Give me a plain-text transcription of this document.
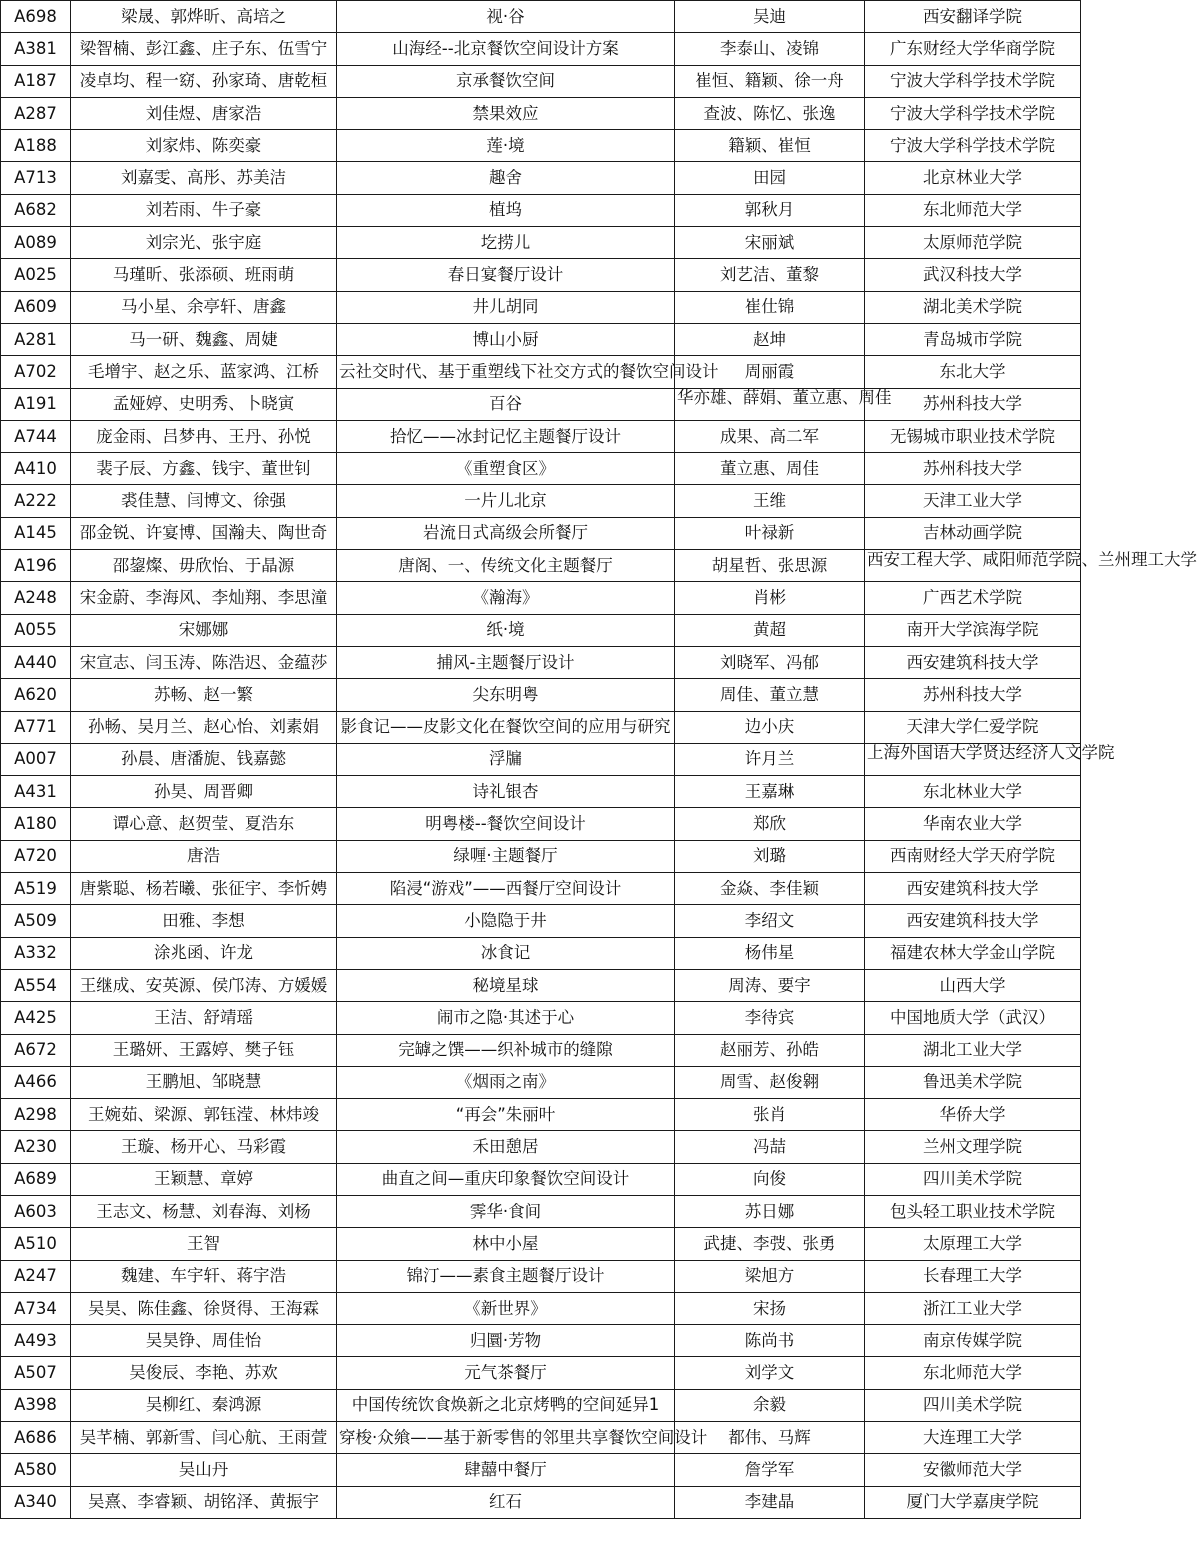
A698	梁晟、郭烨昕、高培之	视·谷	吴迪	西安翻译学院
A381	梁智楠、彭江鑫、庄子东、伍雪宁	山海经--北京餐饮空间设计方案	李泰山、凌锦	广东财经大学华商学院
A187	凌卓均、程一窈、孙家琦、唐乾桓	京承餐饮空间	崔恒、籍颖、徐一舟	宁波大学科学技术学院
A287	刘佳煜、唐家浩	禁果效应	查波、陈忆、张逸	宁波大学科学技术学院
A188	刘家炜、陈奕豪	莲·境	籍颖、崔恒	宁波大学科学技术学院
A713	刘嘉雯、高彤、苏美洁	趣舍	田园	北京林业大学
A682	刘若雨、牛子豪	植坞	郭秋月	东北师范大学
A089	刘宗光、张宇庭	圪捞儿	宋丽斌	太原师范学院
A025	马瑾昕、张添硕、班雨萌	春日宴餐厅设计	刘艺洁、董黎	武汉科技大学
A609	马小星、余亭轩、唐鑫	井儿胡同	崔仕锦	湖北美术学院
A281	马一研、魏鑫、周婕	博山小厨	赵坤	青岛城市学院
A702	毛增宇、赵之乐、蓝家鸿、江桥	云社交时代、基于重塑线下社交方式的餐饮空间设计	周丽霞	东北大学
A191	孟娅婷、史明秀、卜晓寅	百谷	华亦雄、薛娟、董立惠、周佳	苏州科技大学
A744	庞金雨、吕梦冉、王丹、孙悦	拾忆——冰封记忆主题餐厅设计	成果、高二军	无锡城市职业技术学院
A410	裴子辰、方鑫、钱宇、董世钊	《重塑食区》	董立惠、周佳	苏州科技大学
A222	裘佳慧、闫博文、徐强	一片儿北京	王维	天津工业大学
A145	邵金锐、许宴博、国瀚夫、陶世奇	岩流日式高级会所餐厅	叶禄新	吉林动画学院
A196	邵鋆燦、毋欣怡、于晶源	唐阁、一、传统文化主题餐厅	胡星哲、张思源	西安工程大学、咸阳师范学院、兰州理工大学

A248	宋金蔚、李海风、李灿翔、李思潼	《瀚海》	肖彬	广西艺术学院
A055	宋娜娜	纸·境	黄超	南开大学滨海学院
A440	宋宣志、闫玉涛、陈浩迟、金蕴莎	捕风-主题餐厅设计	刘晓军、冯郁	西安建筑科技大学
A620	苏畅、赵一繁	尖东明粤	周佳、董立慧	苏州科技大学
A771	孙畅、吴月兰、赵心怡、刘素娟	影食记——皮影文化在餐饮空间的应用与研究	边小庆	天津大学仁爱学院
A007	孙晨、唐潘旎、钱嘉懿	浮牖	许月兰	上海外国语大学贤达经济人文学院

A431	孙昊、周晋卿	诗礼银杏	王嘉琳	东北林业大学
A180	谭心意、赵贺莹、夏浩东	明粤楼--餐饮空间设计	郑欣	华南农业大学
A720	唐浩	绿喱·主题餐厅	刘璐	西南财经大学天府学院
A519	唐紫聪、杨若曦、张征宇、李忻娉	陷浸“游戏”——西餐厅空间设计	金焱、李佳颖	西安建筑科技大学
A509	田雅、李想	小隐隐于井	李绍文	西安建筑科技大学
A332	涂兆函、许龙	冰食记	杨伟星	福建农林大学金山学院
A554	王继成、安英源、侯邝涛、方媛媛	秘境星球	周涛、要宇	山西大学
A425	王洁、舒靖瑶	闹市之隐·其述于心	李待宾	中国地质大学（武汉）
A672	王璐妍、王露婷、樊子钰	完罅之馔——织补城市的缝隙	赵丽芳、孙皓	湖北工业大学
A466	王鹏旭、邹晓慧	《烟雨之南》	周雪、赵俊翱	鲁迅美术学院
A298	王婉茹、梁源、郭钰滢、林炜竣	“再会”朱丽叶	张肖	华侨大学
A230	王璇、杨开心、马彩霞	禾田憩居	冯喆	兰州文理学院
A689	王颖慧、章婷	曲直之间—重庆印象餐饮空间设计	向俊	四川美术学院
A603	王志文、杨慧、刘春海、刘杨	霁华·食间	苏日娜	包头轻工职业技术学院
A510	王智	林中小屋	武捷、李弢、张勇	太原理工大学
A247	魏建、车宇轩、蒋宇浩	锦汀——素食主题餐厅设计	梁旭方	长春理工大学
A734	吴昊、陈佳鑫、徐贤得、王海霖	《新世界》	宋扬	浙江工业大学
A493	吴昊铮、周佳怡	归圜·芳物	陈尚书	南京传媒学院
A507	吴俊辰、李艳、苏欢	元气茶餐厅	刘学文	东北师范大学
A398	吴柳红、秦鸿源	中国传统饮食焕新之北京烤鸭的空间延异1	余毅	四川美术学院
A686	吴芊楠、郭新雪、闫心航、王雨萱	穿梭·众飨——基于新零售的邻里共享餐饮空间设计	都伟、马辉	大连理工大学
A580	吴山丹	肆囍中餐厅	詹学军	安徽师范大学
A340	吴熹、李睿颖、胡铭泽、黄振宇	红石	李建晶	厦门大学嘉庚学院
